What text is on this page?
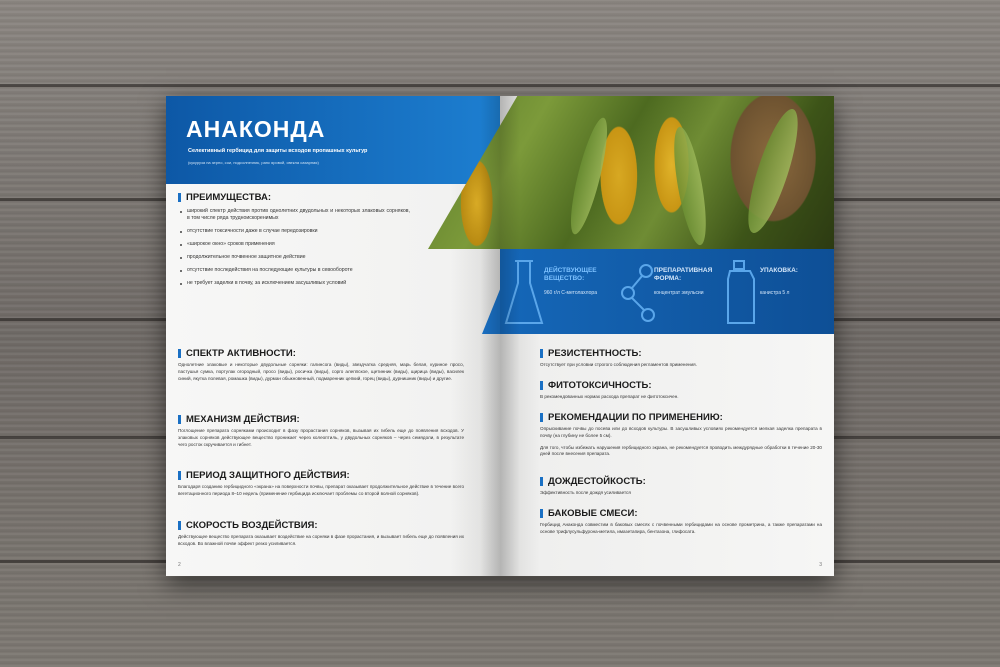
АНАКОНДА
Селективный гербицид для защиты всходов пропашных культур
(кукуруза на зерно, сои, подсолнечник, рапс яровой, свекла сахарная)
ПРЕИМУЩЕСТВА:
широкий спектр действия против однолетних двудольных и некоторых злаковых сорняков, в том числе ряда трудноискоренимых
отсутствие токсичности даже в случае передозировки
«широкое окно» сроков применения
продолжительное почвенное защитное действие
отсутствие последействия на последующие культуры в севообороте
не требует заделки в почву, за исключением засушливых условий
СПЕКТР АКТИВНОСТИ:
Однолетние злаковые и некоторые двудольные сорняки: галинсога (виды), звездчатка средняя, марь белая, куриное просо, пастушья сумка, портулак огородный, просо (виды), росичка (виды), сорго алеппское, щетинник (виды), щирица (виды), василек синий, якутка полевая, ромашка (виды), дурман обыкновенный, подмаренник цепкий, горец (виды), дурнишник (виды) и другие.
МЕХАНИЗМ ДЕЙСТВИЯ:
Поглощение препарата сорняками происходит в фазу прорастания сорняков, вызывая их гибель еще до появления всходов. У злаковых сорняков действующее вещество проникает через колеоптиль, у двудольных сорняков – через семядоли, в результате чего росток скручивается и гибнет.
ПЕРИОД ЗАЩИТНОГО ДЕЙСТВИЯ:
Благодаря созданию гербицидного «экрана» на поверхности почвы, препарат оказывает продолжительное действие в течение всего вегетационного периода 8–10 недель (применение гербицида исключает проблемы со второй волной сорняков).
СКОРОСТЬ ВОЗДЕЙСТВИЯ:
Действующее вещество препарата оказывает воздействие на сорняки в фазе прорастания, и вызывает гибель еще до появления их всходов. Во влажной почве эффект резко усиливается.
2
РЕЗИСТЕНТНОСТЬ:
Отсутствует при условии строгого соблюдения регламентов применения.
ФИТОТОКСИЧНОСТЬ:
В рекомендованных нормах расхода препарат не фитотоксичен.
РЕКОМЕНДАЦИИ ПО ПРИМЕНЕНИЮ:
Опрыскивание почвы до посева или до всходов культуры. В засушливых условиях рекомендуется мелкая заделка препарата в почву (на глубину не более 5 см).
Для того, чтобы избежать нарушения гербицидного экрана, не рекомендуется проводить междурядные обработки в течение 20-30 дней после внесения препарата.
ДОЖДЕСТОЙКОСТЬ:
Эффективность после дождя усиливается
БАКОВЫЕ СМЕСИ:
Гербицид Анаконда совместим в баковых смесях с почвенными гербицидами на основе прометрина, а также препаратами на основе трифлусульфурона-метила, имазетапира, бентазона, глифосата.
3
ДЕЙСТВУЮЩЕЕ ВЕЩЕСТВО:
960 г/л С-метолахлора
ПРЕПАРАТИВНАЯ ФОРМА:
концентрат эмульсии
УПАКОВКА:
канистра 5 л
